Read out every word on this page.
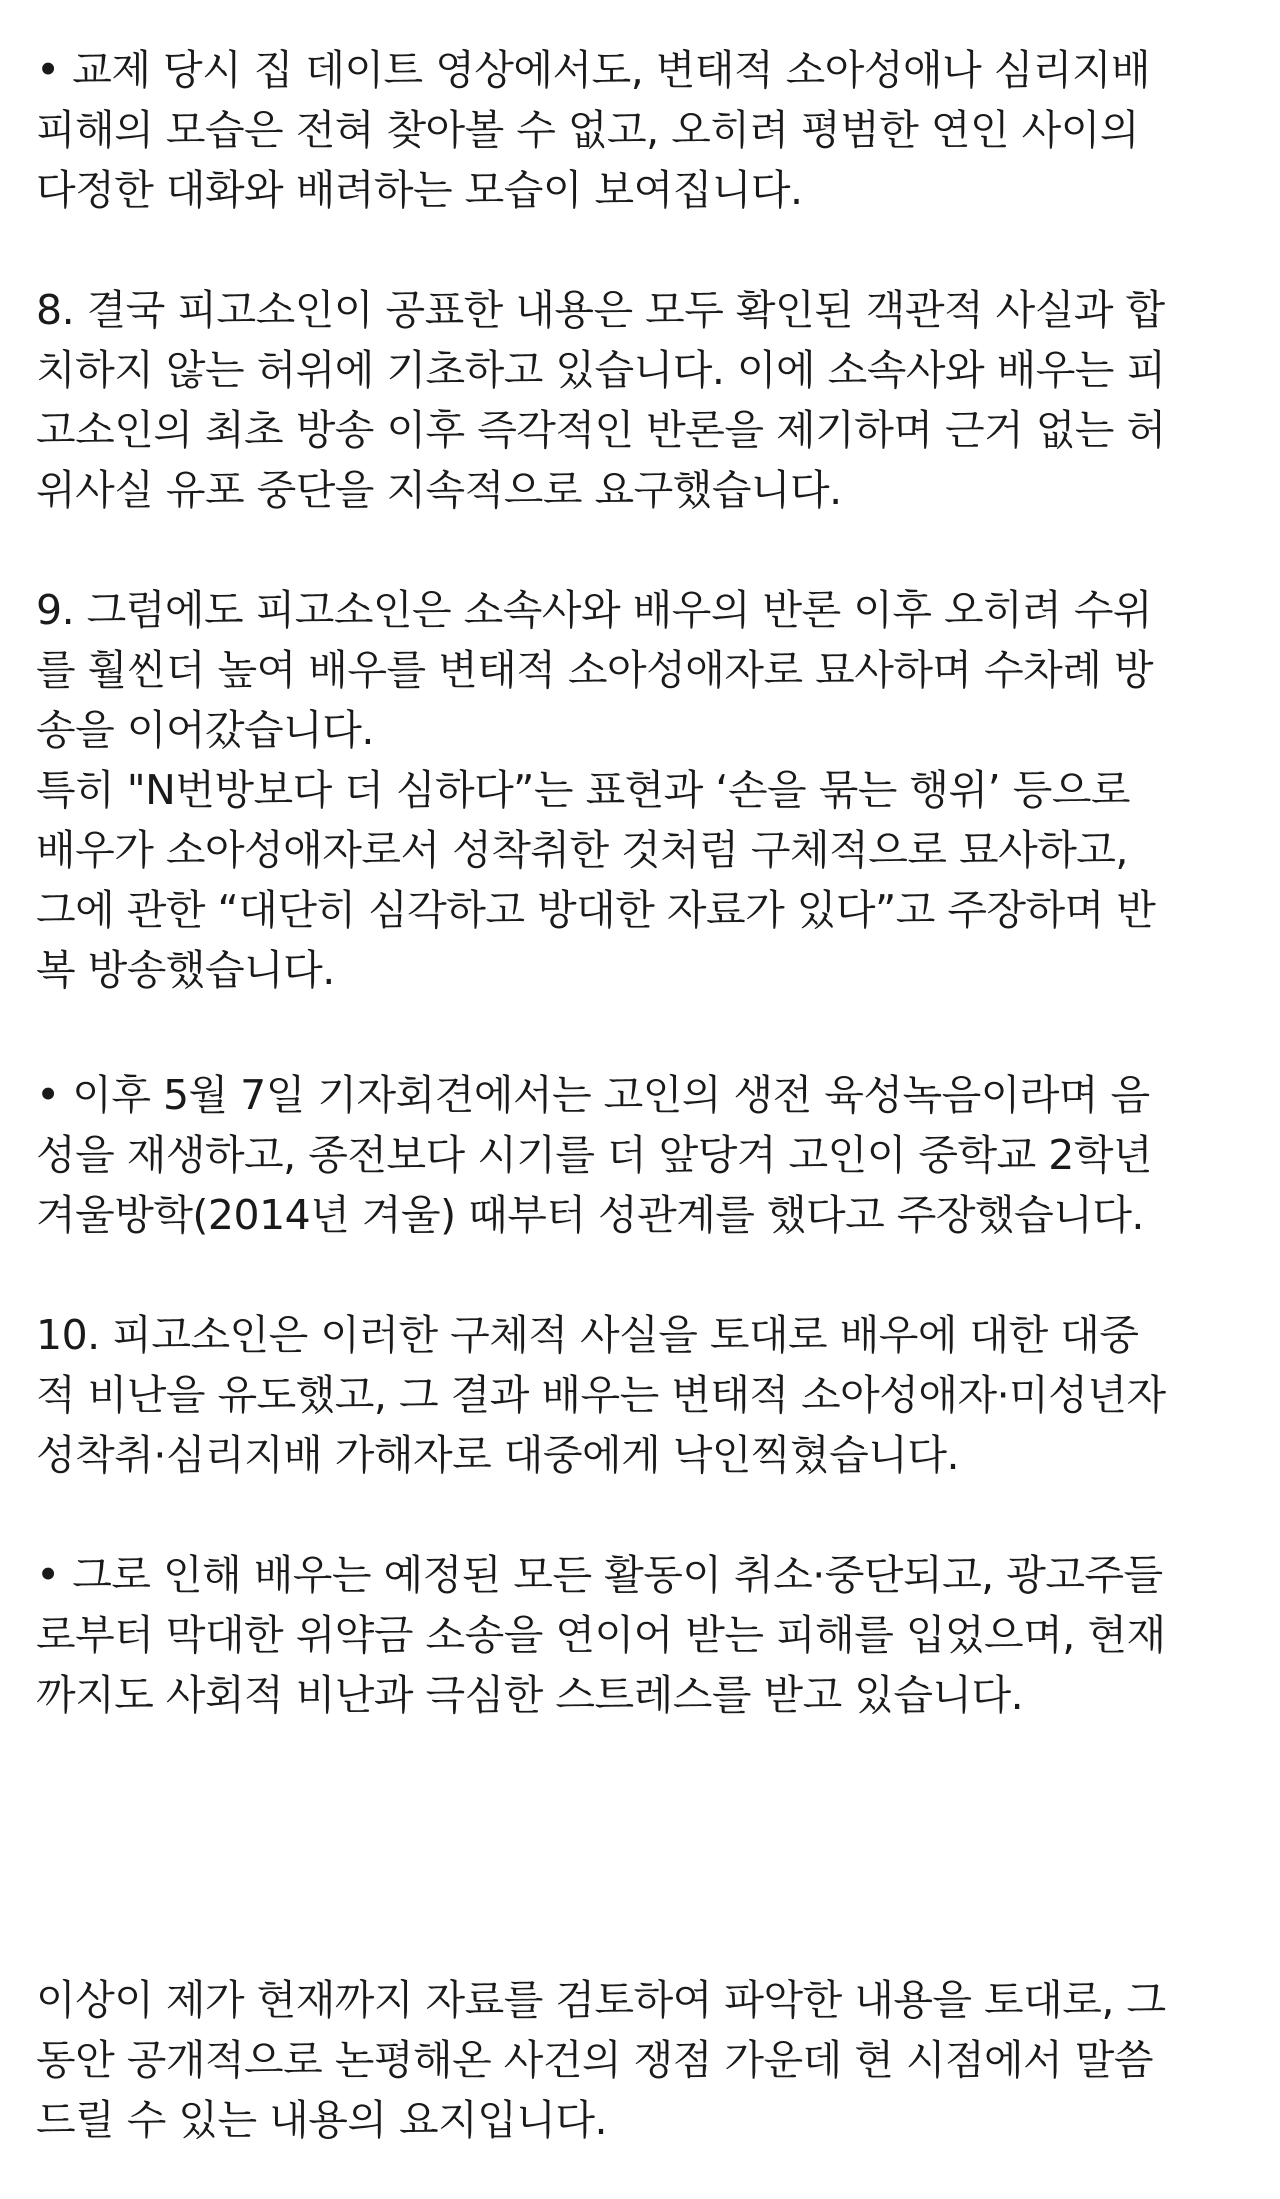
• 교제 당시 집 데이트 영상에서도, 변태적 소아성애나 심리지배
피해의 모습은 전혀 찾아볼 수 없고, 오히려 평범한 연인 사이의
다정한 대화와 배려하는 모습이 보여집니다.
8. 결국 피고소인이 공표한 내용은 모두 확인된 객관적 사실과 합
치하지 않는 허위에 기초하고 있습니다. 이에 소속사와 배우는 피
고소인의 최초 방송 이후 즉각적인 반론을 제기하며 근거 없는 허
위사실 유포 중단을 지속적으로 요구했습니다.
9. 그럼에도 피고소인은 소속사와 배우의 반론 이후 오히려 수위
를 훨씬더 높여 배우를 변태적 소아성애자로 묘사하며 수차례 방
송을 이어갔습니다.
특히 "N번방보다 더 심하다”는 표현과 ‘손을 묶는 행위’ 등으로
배우가 소아성애자로서 성착취한 것처럼 구체적으로 묘사하고,
그에 관한 “대단히 심각하고 방대한 자료가 있다”고 주장하며 반
복 방송했습니다.
• 이후 5월 7일 기자회견에서는 고인의 생전 육성녹음이라며 음
성을 재생하고, 종전보다 시기를 더 앞당겨 고인이 중학교 2학년
겨울방학(2014년 겨울) 때부터 성관계를 했다고 주장했습니다.
10. 피고소인은 이러한 구체적 사실을 토대로 배우에 대한 대중
적 비난을 유도했고, 그 결과 배우는 변태적 소아성애자·미성년자
성착취·심리지배 가해자로 대중에게 낙인찍혔습니다.
• 그로 인해 배우는 예정된 모든 활동이 취소·중단되고, 광고주들
로부터 막대한 위약금 소송을 연이어 받는 피해를 입었으며, 현재
까지도 사회적 비난과 극심한 스트레스를 받고 있습니다.
이상이 제가 현재까지 자료를 검토하여 파악한 내용을 토대로, 그
동안 공개적으로 논평해온 사건의 쟁점 가운데 현 시점에서 말씀
드릴 수 있는 내용의 요지입니다.
